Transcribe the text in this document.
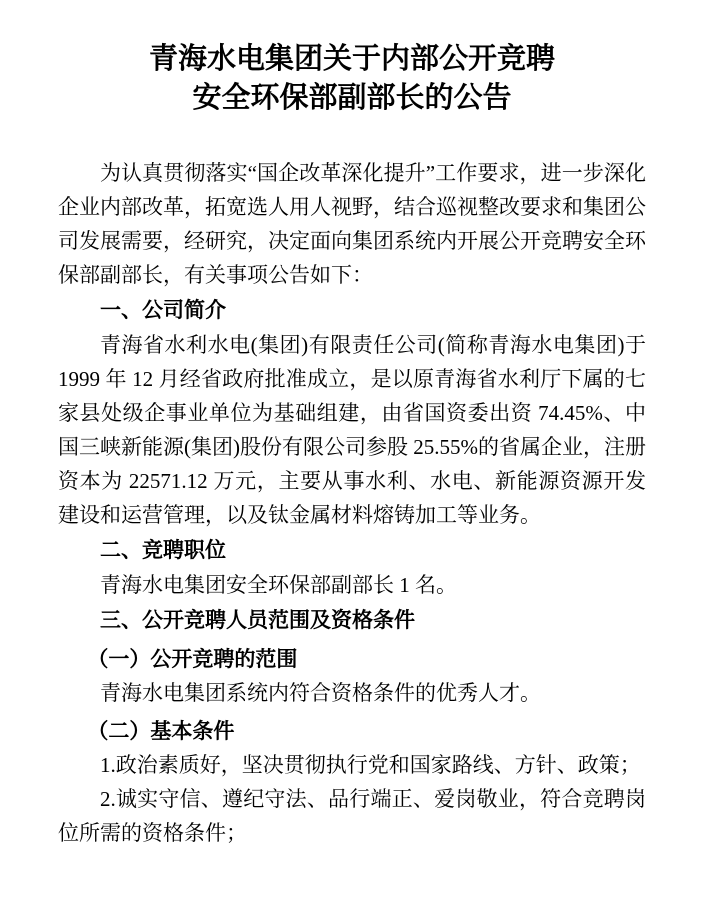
青海水电集团关于内部公开竞聘
安全环保部副部长的公告

为认真贯彻落实“国企改革深化提升”工作要求，进一步深化企业内部改革，拓宽选人用人视野，结合巡视整改要求和集团公司发展需要，经研究，决定面向集团系统内开展公开竞聘安全环保部副部长，有关事项公告如下：

一、公司简介

青海省水利水电(集团)有限责任公司(简称青海水电集团)于 1999 年 12 月经省政府批准成立，是以原青海省水利厅下属的七家县处级企事业单位为基础组建，由省国资委出资 74.45%、中国三峡新能源(集团)股份有限公司参股 25.55%的省属企业，注册资本为 22571.12 万元，主要从事水利、水电、新能源资源开发建设和运营管理，以及钛金属材料熔铸加工等业务。

二、竞聘职位

青海水电集团安全环保部副部长 1 名。

三、公开竞聘人员范围及资格条件

（一）公开竞聘的范围

青海水电集团系统内符合资格条件的优秀人才。

（二）基本条件

1.政治素质好，坚决贯彻执行党和国家路线、方针、政策；

2.诚实守信、遵纪守法、品行端正、爱岗敬业，符合竞聘岗位所需的资格条件；
